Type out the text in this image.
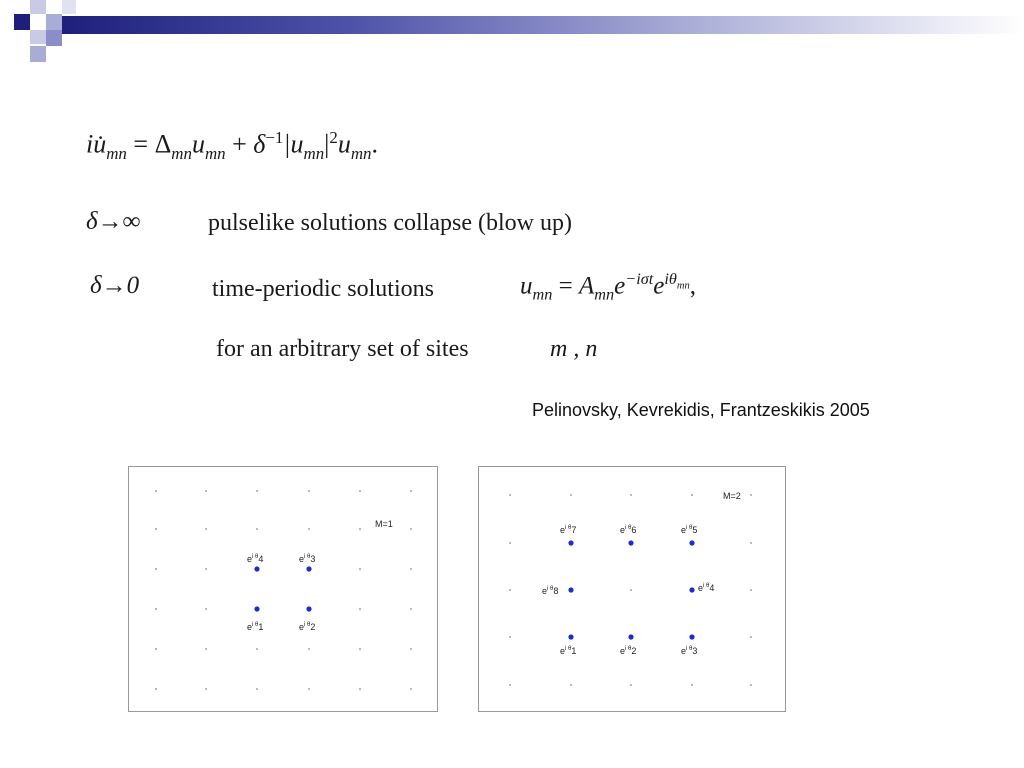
$iu̇_{mn} = \Delta_{mn}u_{mn} + \delta^{-1}|u_{mn}|^2u_{mn}$.
δ→∞	pulselike solutions collapse (blow up)
δ→0	time-periodic solutions	$u_{mn} = A_{mn}e^{-i\sigma t}e^{i\theta_{mn}}$,
for an arbitrary set of sites	m , n
Pelinovsky, Kevrekidis, Frantzeskikis 2005
M=1
$e^{i \theta}4$	$e^{i \theta}3$
$e^{i \theta}1$	$e^{i \theta}2$
M=2
$e^{i \theta}7$	$e^{i \theta}6$	$e^{i \theta}5$
$e^{i \theta}8$	$e^{i \theta}4$
$e^{i \theta}1$	$e^{i \theta}2$	$e^{i \theta}3$
